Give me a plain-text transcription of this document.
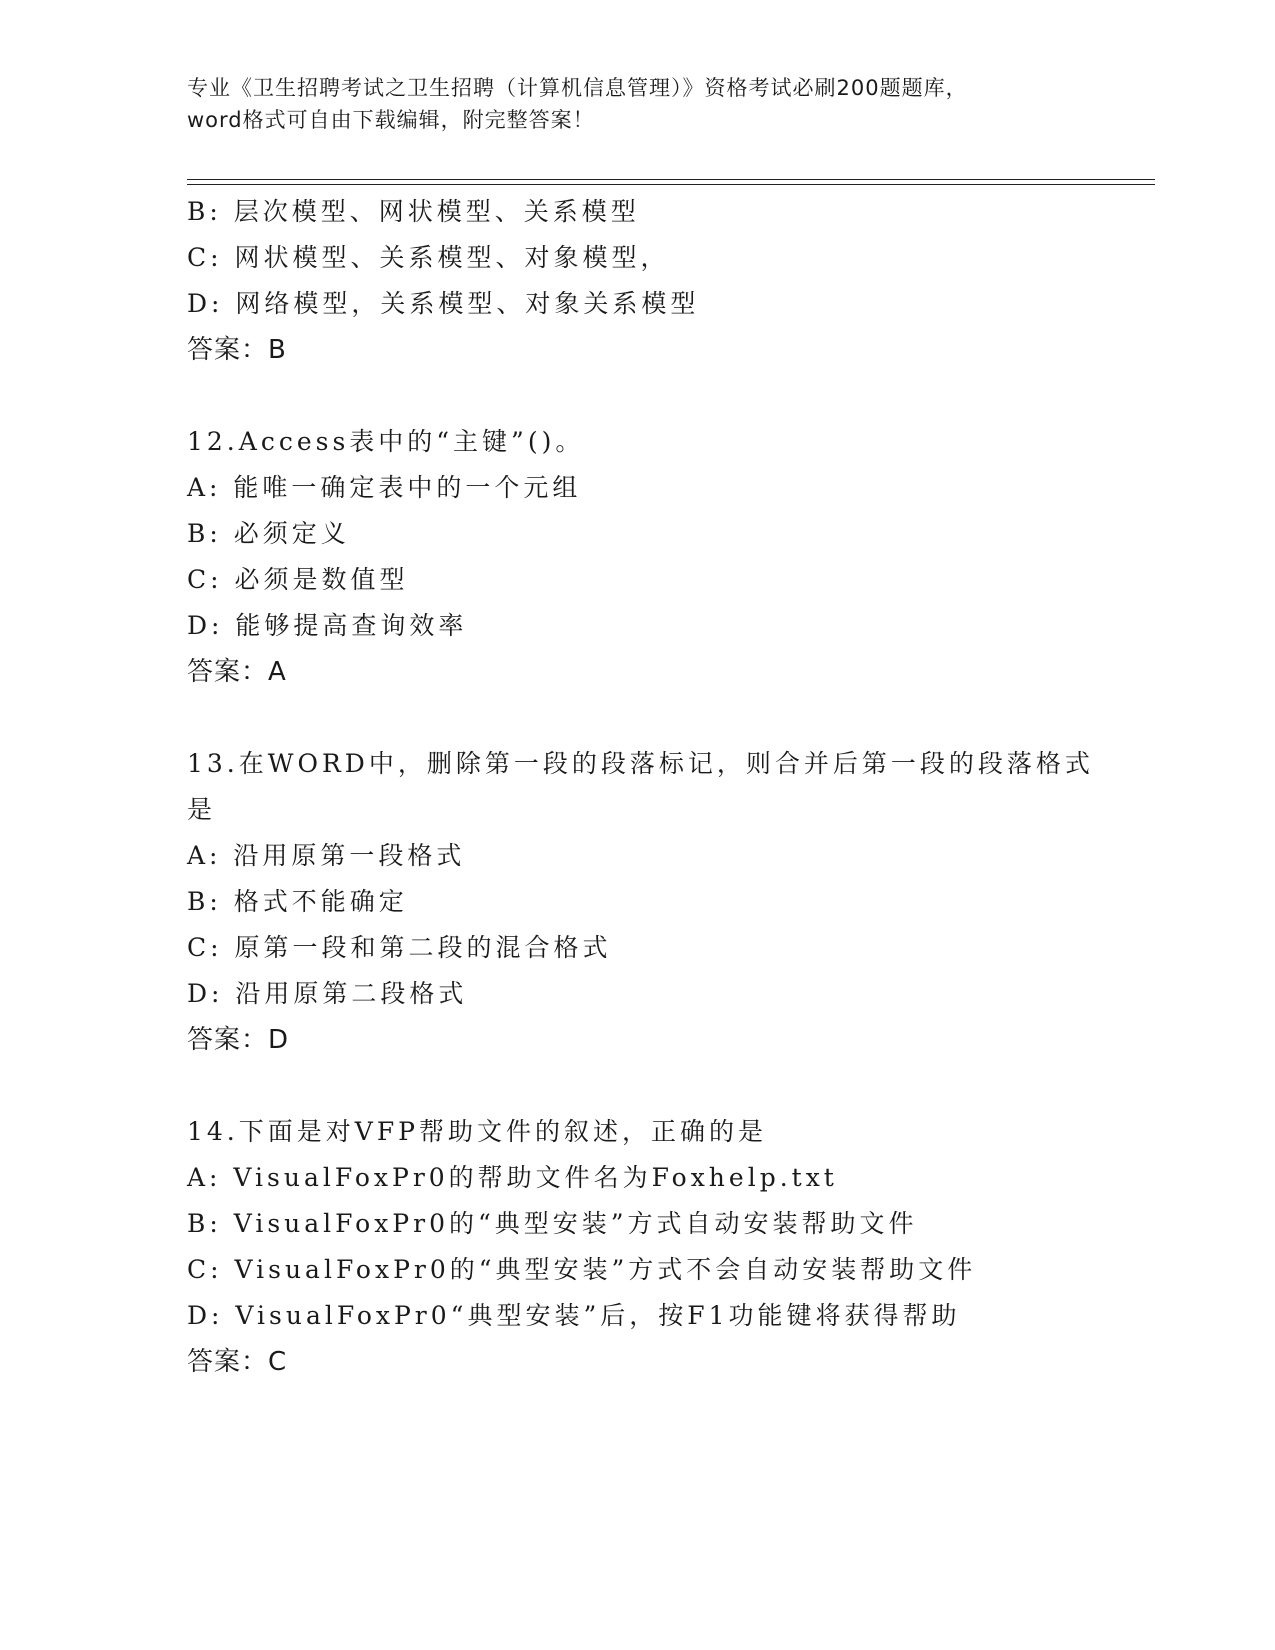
专业《卫生招聘考试之卫生招聘（计算机信息管理）》资格考试必刷200题题库，
word格式可自由下载编辑，附完整答案！
B: 层次模型、网状模型、关系模型
C: 网状模型、关系模型、对象模型，
D: 网络模型，关系模型、对象关系模型
答案：B
12.Access表中的“主键”()。
A: 能唯一确定表中的一个元组
B: 必须定义
C: 必须是数值型
D: 能够提高查询效率
答案：A
13.在WORD中，删除第一段的段落标记，则合并后第一段的段落格式
是
A: 沿用原第一段格式
B: 格式不能确定
C: 原第一段和第二段的混合格式
D: 沿用原第二段格式
答案：D
14.下面是对VFP帮助文件的叙述，正确的是
A: VisualFoxPr0的帮助文件名为Foxhelp.txt
B: VisualFoxPr0的“典型安装”方式自动安装帮助文件
C: VisualFoxPr0的“典型安装”方式不会自动安装帮助文件
D: VisualFoxPr0“典型安装”后，按F1功能键将获得帮助
答案：C
